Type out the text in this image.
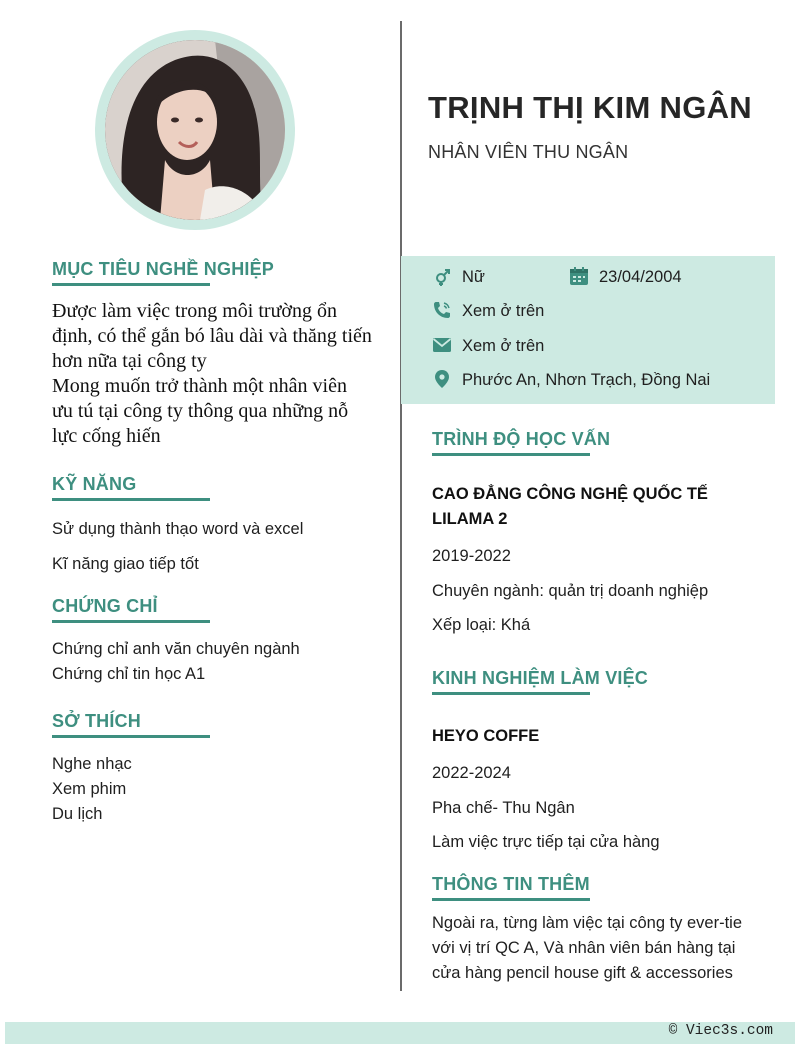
TRỊNH THỊ KIM NGÂN
NHÂN VIÊN THU NGÂN
Nữ	23/04/2004
Xem ở trên
Xem ở trên
Phước An, Nhơn Trạch, Đồng Nai
MỤC TIÊU NGHỀ NGHIỆP
Được làm việc trong môi trường ổn định, có thể gắn bó lâu dài và thăng tiến hơn nữa tại công ty
Mong muốn trở thành một nhân viên ưu tú tại công ty thông qua những nỗ lực cống hiến
KỸ NĂNG
Sử dụng thành thạo word và excel
Kĩ năng giao tiếp tốt
CHỨNG CHỈ
Chứng chỉ anh văn chuyên ngành
Chứng chỉ tin học A1
SỞ THÍCH
Nghe nhạc
Xem phim
Du lịch
TRÌNH ĐỘ HỌC VẤN
CAO ĐẲNG CÔNG NGHỆ QUỐC TẾ LILAMA 2
2019-2022
Chuyên ngành: quản trị doanh nghiệp
Xếp loại: Khá
KINH NGHIỆM LÀM VIỆC
HEYO COFFE
2022-2024
Pha chế- Thu Ngân
Làm việc trực tiếp tại cửa hàng
THÔNG TIN THÊM
Ngoài ra, từng làm việc tại công ty ever-tie với vị trí QC A, Và nhân viên bán hàng tại cửa hàng pencil house gift & accessories
© Viec3s.com
